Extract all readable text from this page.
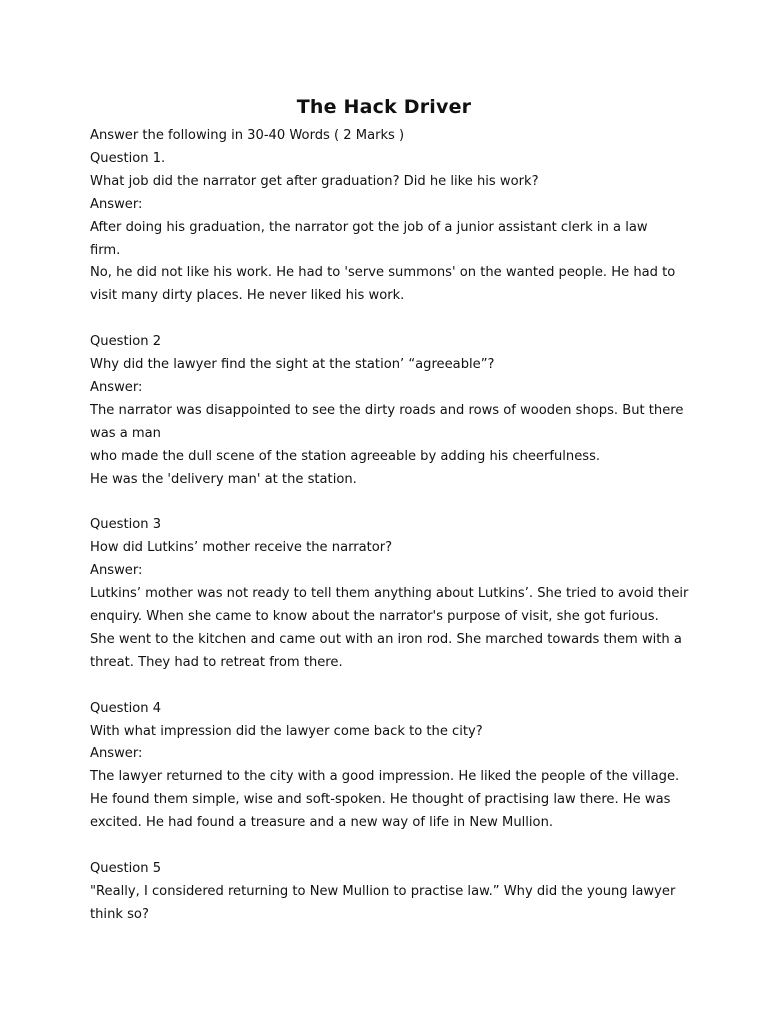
The Hack Driver
Answer the following in 30-40 Words ( 2 Marks )
Question 1.
What job did the narrator get after graduation? Did he like his work?
Answer:
After doing his graduation, the narrator got the job of a junior assistant clerk in a law
firm.
No, he did not like his work. He had to 'serve summons' on the wanted people. He had to
visit many dirty places. He never liked his work.
Question 2
Why did the lawyer find the sight at the station’ “agreeable”?
Answer:
The narrator was disappointed to see the dirty roads and rows of wooden shops. But there
was a man
who made the dull scene of the station agreeable by adding his cheerfulness.
He was the 'delivery man' at the station.
Question 3
How did Lutkins’ mother receive the narrator?
Answer:
Lutkins’ mother was not ready to tell them anything about Lutkins’. She tried to avoid their
enquiry. When she came to know about the narrator's purpose of visit, she got furious.
She went to the kitchen and came out with an iron rod. She marched towards them with a
threat. They had to retreat from there.
Question 4
With what impression did the lawyer come back to the city?
Answer:
The lawyer returned to the city with a good impression. He liked the people of the village.
He found them simple, wise and soft-spoken. He thought of practising law there. He was
excited. He had found a treasure and a new way of life in New Mullion.
Question 5
"Really, I considered returning to New Mullion to practise law.” Why did the young lawyer
think so?
